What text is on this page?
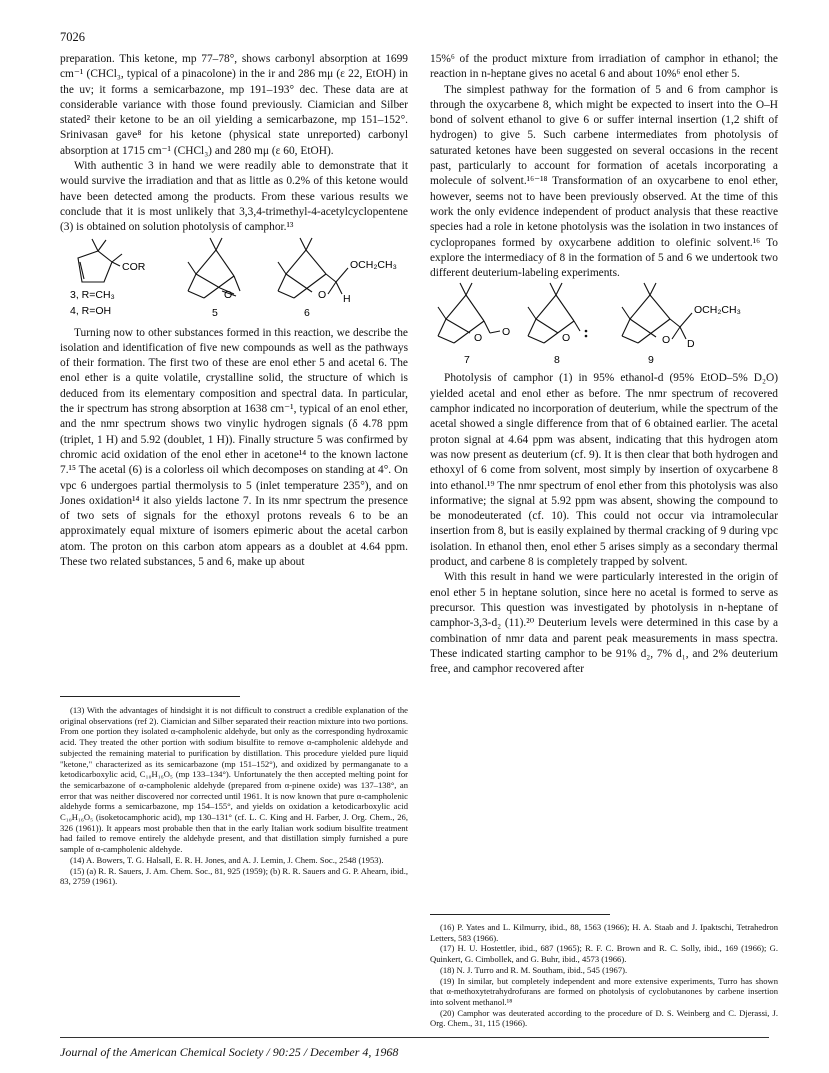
7026

preparation. This ketone, mp 77–78°, shows carbonyl absorption at 1699 cm⁻¹ (CHCl₃, typical of a pinacolone) in the ir and 286 mμ (ε 22, EtOH) in the uv; it forms a semicarbazone, mp 191–193° dec. These data are at considerable variance with those found previously. Ciamician and Silber stated² their ketone to be an oil yielding a semicarbazone, mp 151–152°. Srinivasan gave⁸ for his ketone (physical state unreported) carbonyl absorption at 1715 cm⁻¹ (CHCl₃) and 280 mμ (ε 60, EtOH).

With authentic 3 in hand we were readily able to demonstrate that it would survive the irradiation and that as little as 0.2% of this ketone would have been detected among the products. From these various results we conclude that it is most unlikely that 3,3,4-trimethyl-4-acetylcyclopentene (3) is obtained on solution photolysis of camphor.¹³

COR
O	O
OCH₂CH₃
H
3, R=CH₃
4, R=OH	5	6

Turning now to other substances formed in this reaction, we describe the isolation and identification of five new compounds as well as the pathways of their formation. The first two of these are enol ether 5 and acetal 6. The enol ether is a quite volatile, crystalline solid, the structure of which is deduced from its elementary composition and spectral data. In particular, the ir spectrum has strong absorption at 1638 cm⁻¹, typical of an enol ether, and the nmr spectrum shows two vinylic hydrogen signals (δ 4.78 ppm (triplet, 1 H) and 5.92 (doublet, 1 H)). Finally structure 5 was confirmed by chromic acid oxidation of the enol ether in acetone¹⁴ to the known lactone 7.¹⁵ The acetal (6) is a colorless oil which decomposes on standing at 4°. On vpc 6 undergoes partial thermolysis to 5 (inlet temperature 235°), and on Jones oxidation¹⁴ it also yields lactone 7. In its nmr spectrum the presence of two sets of signals for the ethoxyl protons reveals 6 to be an approximately equal mixture of isomers epimeric about the acetal carbon atom. The proton on this carbon atom appears as a doublet at 4.64 ppm. These two related substances, 5 and 6, make up about

(13) With the advantages of hindsight it is not difficult to construct a credible explanation of the original observations (ref 2). Ciamician and Silber separated their reaction mixture into two portions. From one portion they isolated α-campholenic aldehyde, but only as the corresponding hydroxamic acid. They treated the other portion with sodium bisulfite to remove α-campholenic aldehyde and subjected the remaining material to purification by distillation. This procedure yielded pure liquid "ketone," characterized as its semicarbazone (mp 151–152°), and oxidized by permanganate to a ketodicarboxylic acid, C₁₀H₁₆O₅ (mp 133–134°). Unfortunately the then accepted melting point for the semicarbazone of α-campholenic aldehyde (prepared from α-pinene oxide) was 137–138°, an error that was neither discovered nor corrected until 1961. It is now known that pure α-campholenic aldehyde forms a semicarbazone, mp 154–155°, and yields on oxidation a ketodicarboxylic acid C₁₀H₁₆O₅ (isoketocamphoric acid), mp 130–131° (cf. L. C. King and H. Farber, J. Org. Chem., 26, 326 (1961)). It appears most probable then that in the early Italian work sodium bisulfite treatment had failed to remove entirely the aldehyde present, and that distillation simply furnished a pure sample of α-campholenic aldehyde.

(14) A. Bowers, T. G. Halsall, E. R. H. Jones, and A. J. Lemin, J. Chem. Soc., 2548 (1953).

(15) (a) R. R. Sauers, J. Am. Chem. Soc., 81, 925 (1959); (b) R. R. Sauers and G. P. Ahearn, ibid., 83, 2759 (1961).

15%⁶ of the product mixture from irradiation of camphor in ethanol; the reaction in n-heptane gives no acetal 6 and about 10%⁶ enol ether 5.

The simplest pathway for the formation of 5 and 6 from camphor is through the oxycarbene 8, which might be expected to insert into the O–H bond of solvent ethanol to give 6 or suffer internal insertion (1,2 shift of hydrogen) to give 5. Such carbene intermediates from photolysis of saturated ketones have been suggested on several occasions in the recent past, particularly to account for formation of acetals incorporating a molecule of solvent.¹⁶⁻¹⁸ Transformation of an oxycarbene to enol ether, however, seems not to have been previously observed. At the time of this work the only evidence independent of product analysis that these reactive species had a role in ketone photolysis was the isolation in two instances of cyclopropanes formed by oxycarbene addition to olefinic solvent.¹⁶ To explore the intermediacy of 8 in the formation of 5 and 6 we undertook two different deuterium-labeling experiments.

O O	O	O
OCH₂CH₃
D
7	8	9

Photolysis of camphor (1) in 95% ethanol-d (95% EtOD–5% D₂O) yielded acetal and enol ether as before. The nmr spectrum of recovered camphor indicated no incorporation of deuterium, while the spectrum of the acetal showed a single difference from that of 6 obtained earlier. The acetal proton signal at 4.64 ppm was absent, indicating that this hydrogen atom was now present as deuterium (cf. 9). It is then clear that both hydrogen and ethoxyl of 6 come from solvent, most simply by insertion of oxycarbene 8 into ethanol.¹⁹ The nmr spectrum of enol ether from this photolysis was also informative; the signal at 5.92 ppm was absent, showing the compound to be monodeuterated (cf. 10). This could not occur via intramolecular insertion from 8, but is easily explained by thermal cracking of 9 during vpc isolation. In ethanol then, enol ether 5 arises simply as a secondary thermal product, and carbene 8 is completely trapped by solvent.

With this result in hand we were particularly interested in the origin of enol ether 5 in heptane solution, since here no acetal is formed to serve as precursor. This question was investigated by photolysis in n-heptane of camphor-3,3-d₂ (11).²⁰ Deuterium levels were determined in this case by a combination of nmr data and parent peak measurements in mass spectra. These indicated starting camphor to be 91% d₂, 7% d₁, and 2% deuterium free, and camphor recovered after

(16) P. Yates and L. Kilmurry, ibid., 88, 1563 (1966); H. A. Staab and J. Ipaktschi, Tetrahedron Letters, 583 (1966).

(17) H. U. Hostettler, ibid., 687 (1965); R. F. C. Brown and R. C. Solly, ibid., 169 (1966); G. Quinkert, G. Cimbollek, and G. Buhr, ibid., 4573 (1966).

(18) N. J. Turro and R. M. Southam, ibid., 545 (1967).

(19) In similar, but completely independent and more extensive experiments, Turro has shown that α-methoxytetrahydrofurans are formed on photolysis of cyclobutanones by carbene insertion into solvent methanol.¹⁸

(20) Camphor was deuterated according to the procedure of D. S. Weinberg and C. Djerassi, J. Org. Chem., 31, 115 (1966).

Journal of the American Chemical Society / 90:25 / December 4, 1968
